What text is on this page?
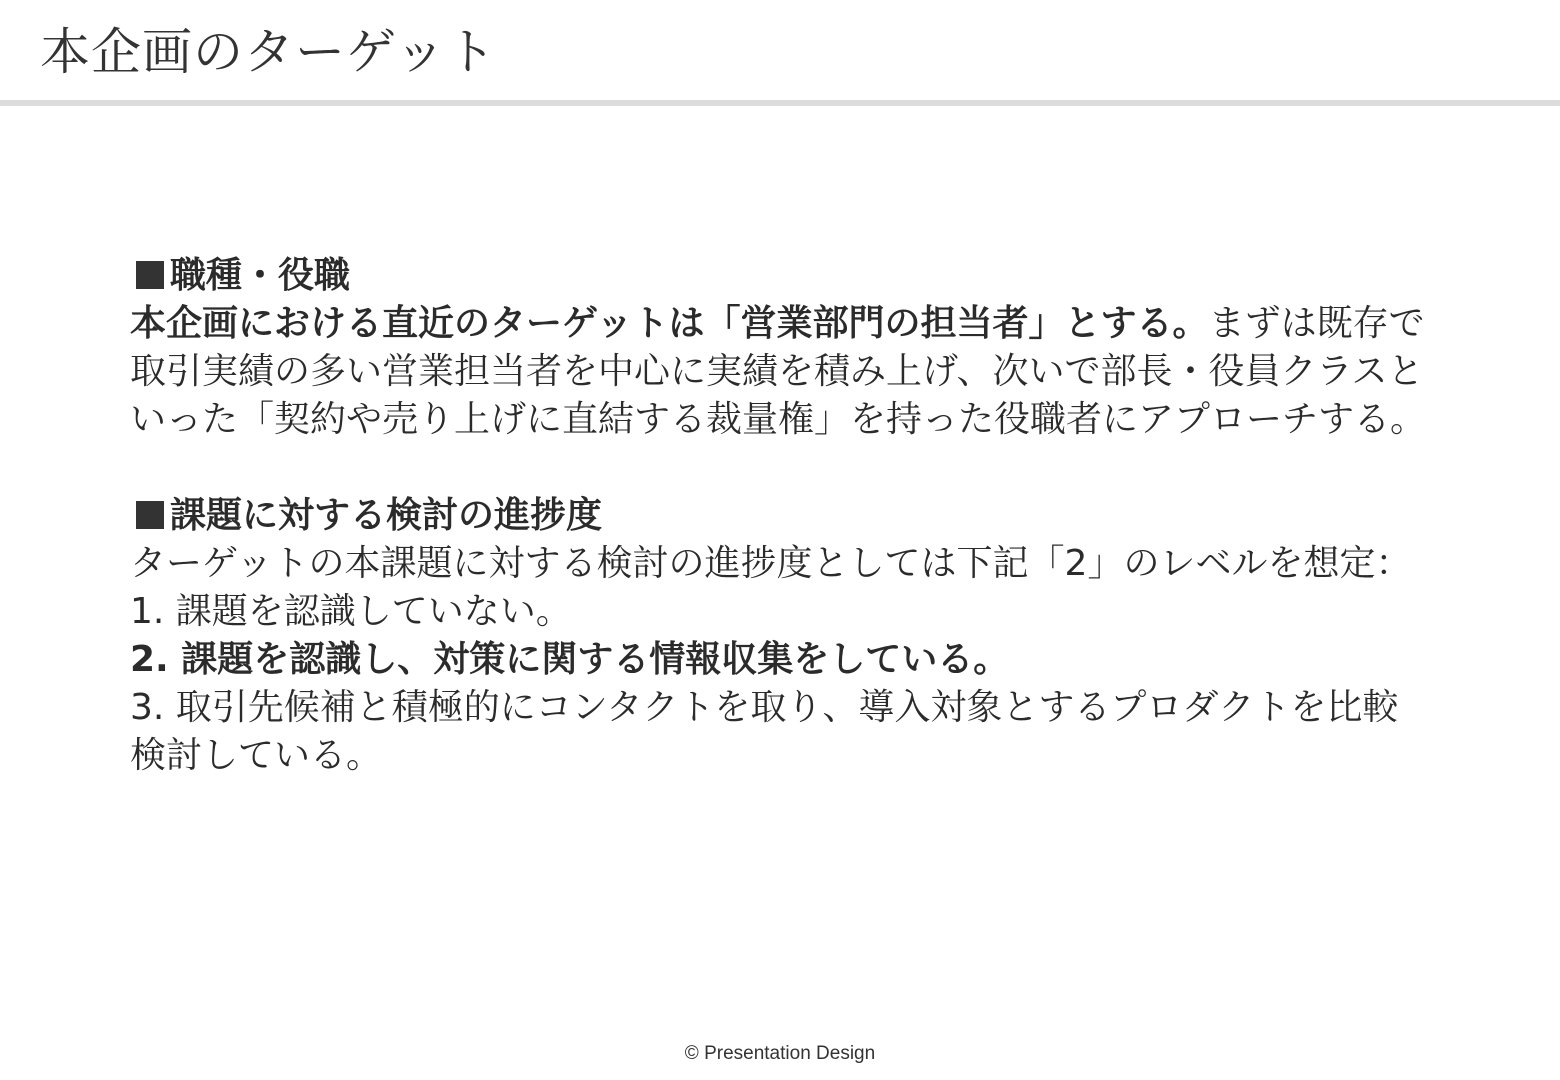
本企画のターゲット

職種・役職

本企画における直近のターゲットは「営業部門の担当者」とする。まずは既存で取引実績の多い営業担当者を中心に実績を積み上げ、次いで部長・役員クラスといった「契約や売り上げに直結する裁量権」を持った役職者にアプローチする。

課題に対する検討の進捗度

ターゲットの本課題に対する検討の進捗度としては下記「2」のレベルを想定：

1. 課題を認識していない。

2. 課題を認識し、対策に関する情報収集をしている。

3. 取引先候補と積極的にコンタクトを取り、導入対象とするプロダクトを比較検討している。

© Presentation Design
